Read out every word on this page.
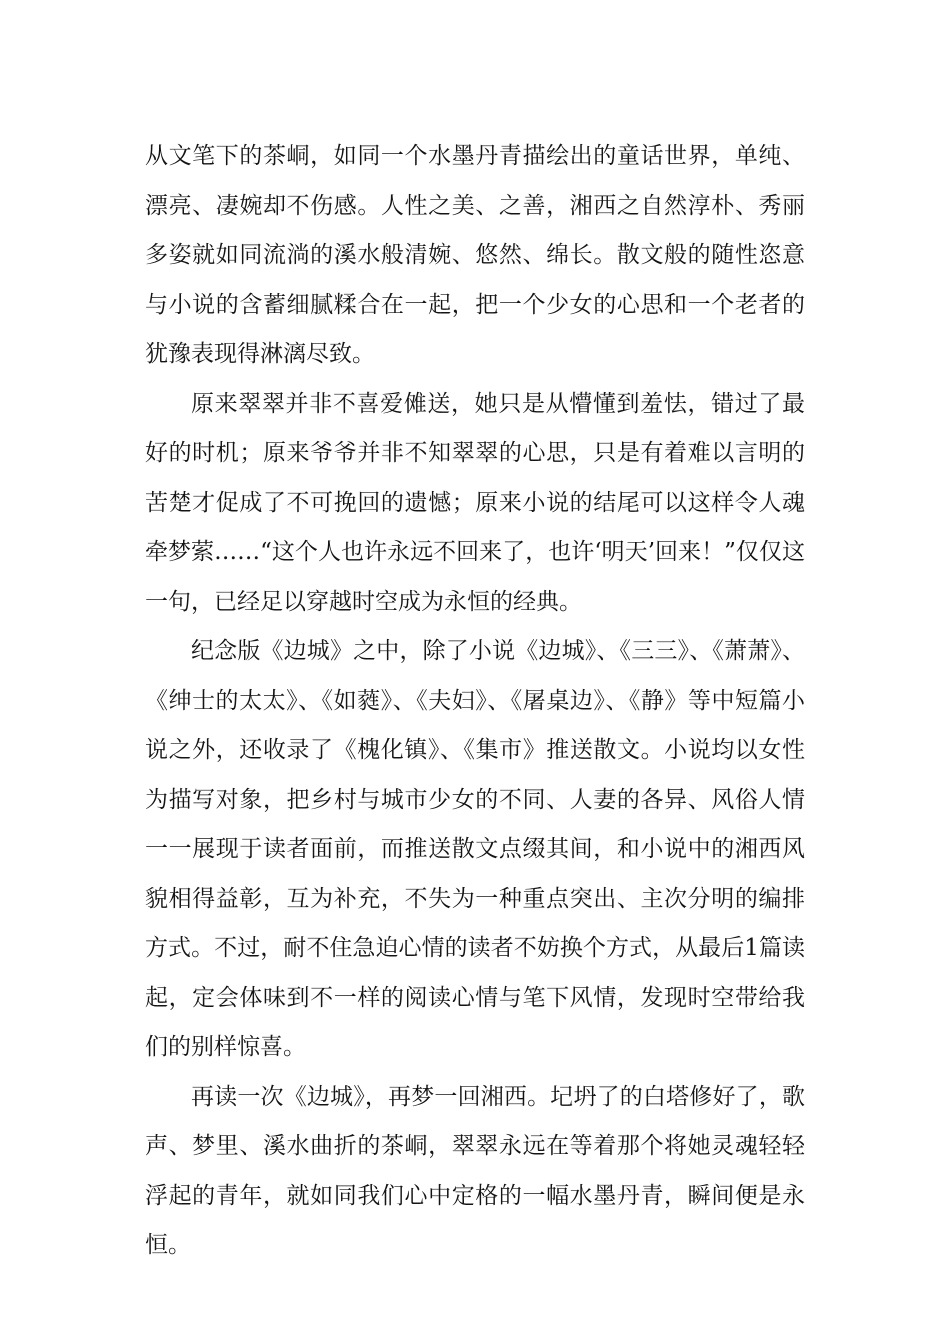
从文笔下的茶峒，如同一个水墨丹青描绘出的童话世界，单纯、漂亮、凄婉却不伤感。人性之美、之善，湘西之自然淳朴、秀丽多姿就如同流淌的溪水般清婉、悠然、绵长。散文般的随性恣意与小说的含蓄细腻糅合在一起，把一个少女的心思和一个老者的犹豫表现得淋漓尽致。

原来翠翠并非不喜爱傩送，她只是从懵懂到羞怯，错过了最好的时机；原来爷爷并非不知翠翠的心思，只是有着难以言明的苦楚才促成了不可挽回的遗憾；原来小说的结尾可以这样令人魂牵梦萦……“这个人也许永远不回来了，也许‘明天’回来！”仅仅这一句，已经足以穿越时空成为永恒的经典。

纪念版《边城》之中，除了小说《边城》、《三三》、《萧萧》、《绅士的太太》、《如蕤》、《夫妇》、《屠桌边》、《静》等中短篇小说之外，还收录了《槐化镇》、《集市》推送散文。小说均以女性为描写对象，把乡村与城市少女的不同、人妻的各异、风俗人情一一展现于读者面前，而推送散文点缀其间，和小说中的湘西风貌相得益彰，互为补充，不失为一种重点突出、主次分明的编排方式。不过，耐不住急迫心情的读者不妨换个方式，从最后1篇读起，定会体味到不一样的阅读心情与笔下风情，发现时空带给我们的别样惊喜。

再读一次《边城》，再梦一回湘西。圮坍了的白塔修好了，歌声、梦里、溪水曲折的茶峒，翠翠永远在等着那个将她灵魂轻轻浮起的青年，就如同我们心中定格的一幅水墨丹青，瞬间便是永恒。
